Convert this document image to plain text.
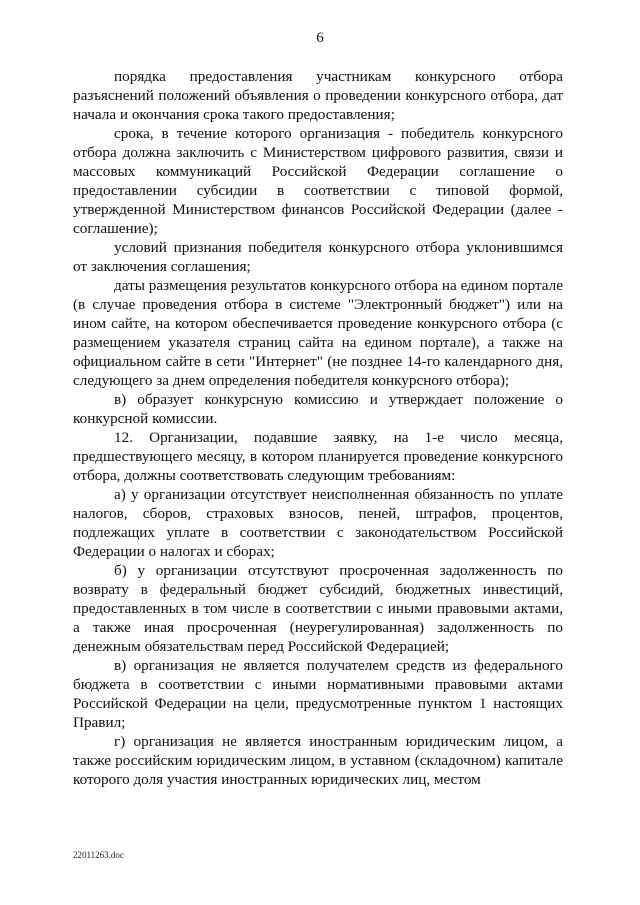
6

порядка предоставления участникам конкурсного отбора разъяснений положений объявления о проведении конкурсного отбора, дат начала и окончания срока такого предоставления;

срока, в течение которого организация - победитель конкурсного отбора должна заключить с Министерством цифрового развития, связи и массовых коммуникаций Российской Федерации соглашение о предоставлении субсидии в соответствии с типовой формой, утвержденной Министерством финансов Российской Федерации (далее - соглашение);

условий признания победителя конкурсного отбора уклонившимся от заключения соглашения;

даты размещения результатов конкурсного отбора на едином портале (в случае проведения отбора в системе "Электронный бюджет") или на ином сайте, на котором обеспечивается проведение конкурсного отбора (с размещением указателя страниц сайта на едином портале), а также на официальном сайте в сети "Интернет" (не позднее 14-го календарного дня, следующего за днем определения победителя конкурсного отбора);

в) образует конкурсную комиссию и утверждает положение о конкурсной комиссии.

12. Организации, подавшие заявку, на 1-е число месяца, предшествующего месяцу, в котором планируется проведение конкурсного отбора, должны соответствовать следующим требованиям:

а) у организации отсутствует неисполненная обязанность по уплате налогов, сборов, страховых взносов, пеней, штрафов, процентов, подлежащих уплате в соответствии с законодательством Российской Федерации о налогах и сборах;

б) у организации отсутствуют просроченная задолженность по возврату в федеральный бюджет субсидий, бюджетных инвестиций, предоставленных в том числе в соответствии с иными правовыми актами, а также иная просроченная (неурегулированная) задолженность по денежным обязательствам перед Российской Федерацией;

в) организация не является получателем средств из федерального бюджета в соответствии с иными нормативными правовыми актами Российской Федерации на цели, предусмотренные пунктом 1 настоящих Правил;

г) организация не является иностранным юридическим лицом, а также российским юридическим лицом, в уставном (складочном) капитале которого доля участия иностранных юридических лиц, местом

22011263.doc
